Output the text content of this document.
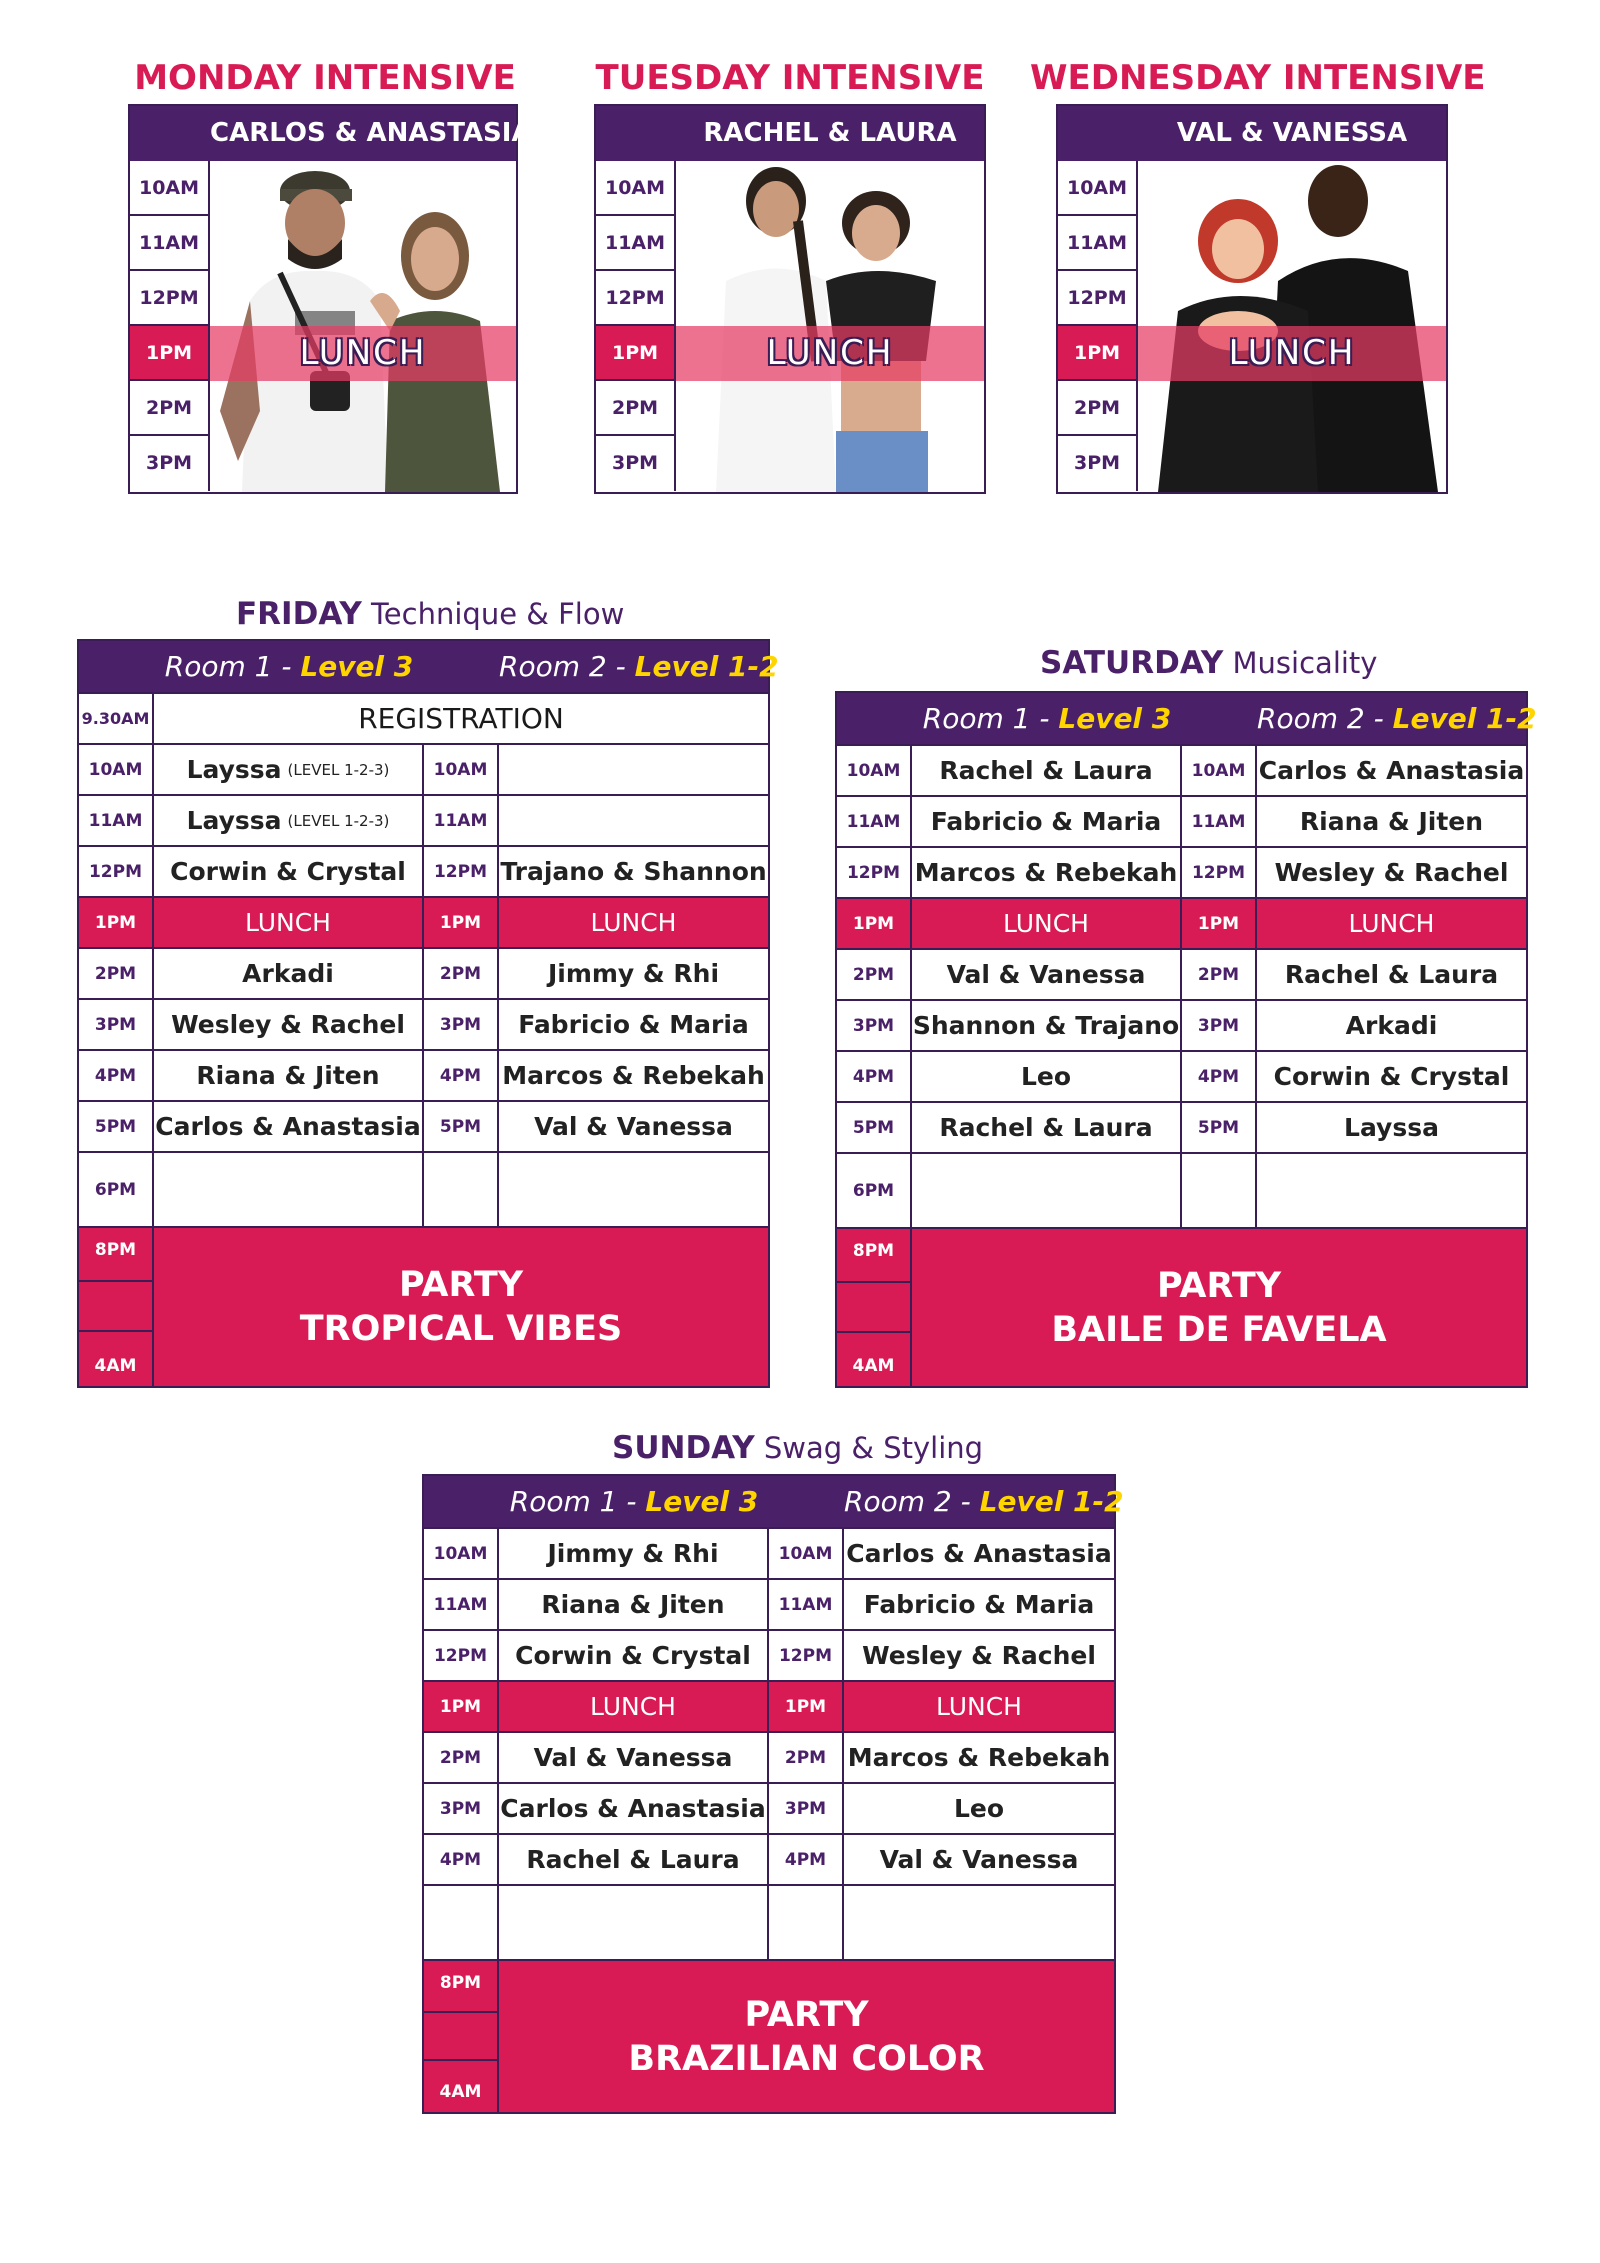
MONDAY INTENSIVE
CARLOS & ANASTASIA
10AM
11AM
12PM
1PM
2PM
3PM
LUNCH
TUESDAY INTENSIVE
RACHEL & LAURA
10AM
11AM
12PM
1PM
2PM
3PM
LUNCH
WEDNESDAY INTENSIVE
VAL & VANESSA
10AM
11AM
12PM
1PM
2PM
3PM
LUNCH
FRIDAY Technique & Flow
Room 1 - Level 3	Room 2 - Level 1-2
9.30AM	REGISTRATION
10AM	Layssa (LEVEL 1-2-3)	10AM
11AM	Layssa (LEVEL 1-2-3)	11AM
12PM	Corwin & Crystal	12PM Trajano & Shannon
1PM	LUNCH	1PM	LUNCH
2PM	Arkadi	2PM	Jimmy & Rhi
3PM	Wesley & Rachel	3PM	Fabricio & Maria
4PM	Riana & Jiten	4PM Marcos & Rebekah
5PM Carlos & Anastasia	5PM	Val & Vanessa
6PM
8PM
4AM
PARTY
TROPICAL VIBES
SATURDAY Musicality
Room 1 - Level 3	Room 2 - Level 1-2
10AM	Rachel & Laura	10AM Carlos & Anastasia
11AM	Fabricio & Maria	11AM	Riana & Jiten
12PM Marcos & Rebekah 12PM	Wesley & Rachel
1PM	LUNCH	1PM	LUNCH
2PM	Val & Vanessa	2PM	Rachel & Laura
3PM Shannon & Trajano	3PM	Arkadi
4PM	Leo	4PM	Corwin & Crystal
5PM	Rachel & Laura	5PM	Layssa
6PM
8PM
4AM
PARTY
BAILE DE FAVELA
SUNDAY Swag & Styling
Room 1 - Level 3	Room 2 - Level 1-2
10AM	Jimmy & Rhi	10AM Carlos & Anastasia
11AM	Riana & Jiten	11AM	Fabricio & Maria
12PM	Corwin & Crystal	12PM	Wesley & Rachel
1PM	LUNCH	1PM	LUNCH
2PM	Val & Vanessa	2PM Marcos & Rebekah
3PM Carlos & Anastasia	3PM	Leo
4PM	Rachel & Laura	4PM	Val & Vanessa
8PM
4AM
PARTY
BRAZILIAN COLOR
